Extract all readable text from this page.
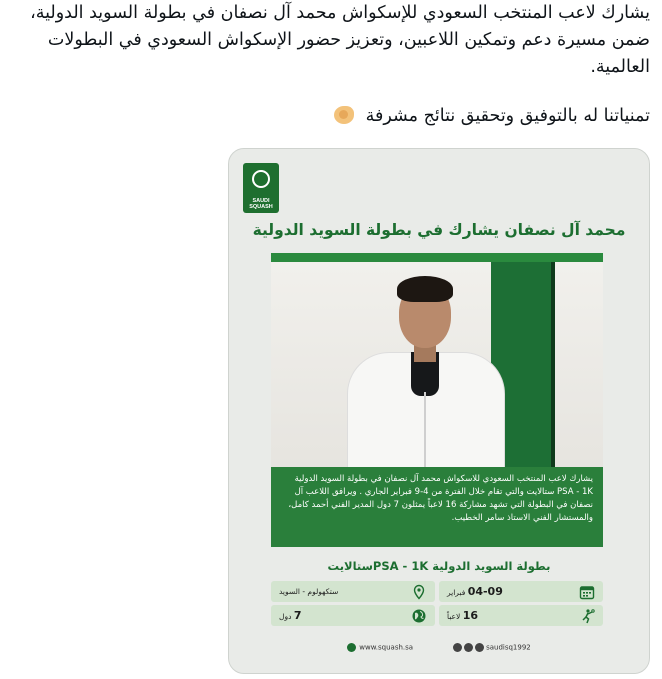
يشارك لاعب المنتخب السعودي للإسكواش محمد آل نصفان في بطولة السويد الدولية، ضمن مسيرة دعم وتمكين اللاعبين، وتعزيز حضور الإسكواش السعودي في البطولات العالمية.

تمنياتنا له بالتوفيق وتحقيق نتائج مشرفة

SAUDI SQUASH
محمد آل نصفان يشارك في بطولة السويد الدولية
يشارك لاعب المنتخب السعودي للاسكواش محمد آل نصفان في بطولة السويد الدولية PSA - 1K ستالايت والتي تقام خلال الفترة من 4-9 فبراير الجاري . ويرافق اللاعب آل نصفان في البطولة التي تشهد مشاركة 16 لاعباً يمثلون 7 دول المدير الفني أحمد كامل، والمستشار الفني الاستاذ سامر الخطيب.
بطولة السويد الدولية PSA - 1Kستالايت
04-09 فبراير
ستكهولوم - السويد
16 لاعباً
7 دول
www.squash.sa	saudisq1992
